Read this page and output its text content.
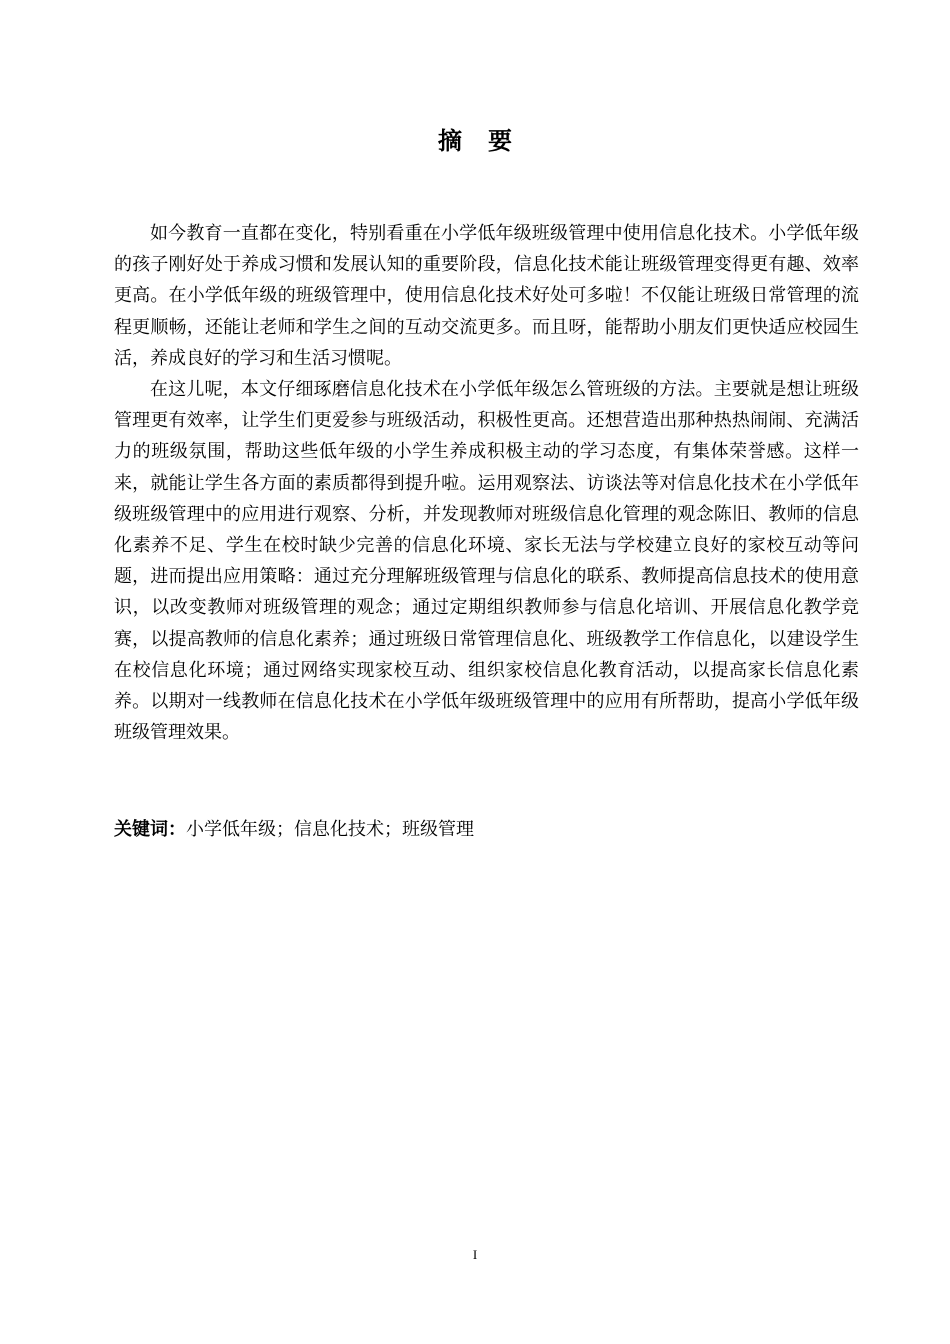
摘要

如今教育一直都在变化，特别看重在小学低年级班级管理中使用信息化技术。小学低年级的孩子刚好处于养成习惯和发展认知的重要阶段，信息化技术能让班级管理变得更有趣、效率更高。在小学低年级的班级管理中，使用信息化技术好处可多啦！不仅能让班级日常管理的流程更顺畅，还能让老师和学生之间的互动交流更多。而且呀，能帮助小朋友们更快适应校园生活，养成良好的学习和生活习惯呢。

在这儿呢，本文仔细琢磨信息化技术在小学低年级怎么管班级的方法。主要就是想让班级管理更有效率，让学生们更爱参与班级活动，积极性更高。还想营造出那种热热闹闹、充满活力的班级氛围，帮助这些低年级的小学生养成积极主动的学习态度，有集体荣誉感。这样一来，就能让学生各方面的素质都得到提升啦。运用观察法、访谈法等对信息化技术在小学低年级班级管理中的应用进行观察、分析，并发现教师对班级信息化管理的观念陈旧、教师的信息化素养不足、学生在校时缺少完善的信息化环境、家长无法与学校建立良好的家校互动等问题，进而提出应用策略：通过充分理解班级管理与信息化的联系、教师提高信息技术的使用意识，以改变教师对班级管理的观念；通过定期组织教师参与信息化培训、开展信息化教学竞赛，以提高教师的信息化素养；通过班级日常管理信息化、班级教学工作信息化，以建设学生在校信息化环境；通过网络实现家校互动、组织家校信息化教育活动，以提高家长信息化素养。以期对一线教师在信息化技术在小学低年级班级管理中的应用有所帮助，提高小学低年级班级管理效果。

关键词：小学低年级；信息化技术；班级管理
I
